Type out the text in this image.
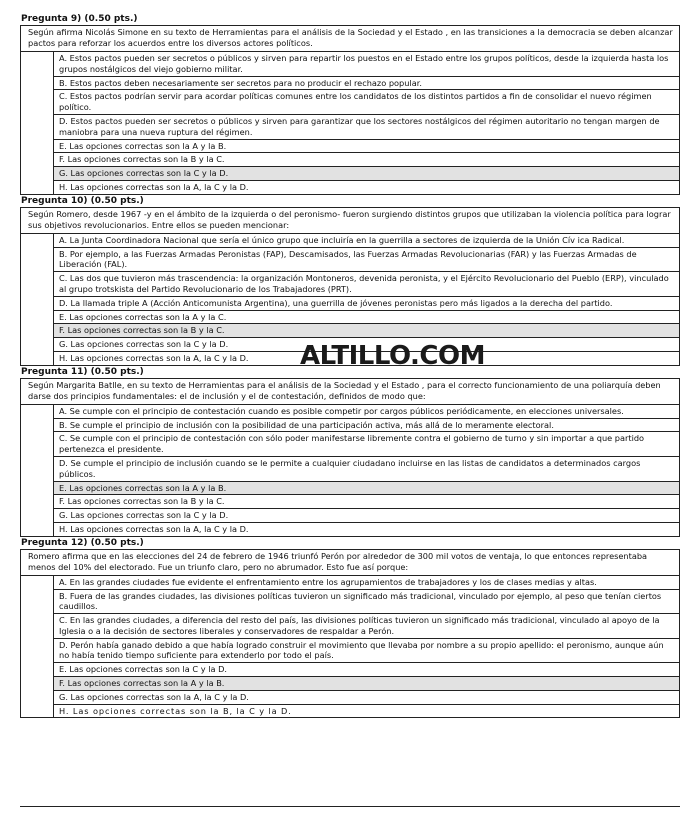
Pregunta 9) (0.50 pts.)
Según afirma Nicolás Simone en su texto de Herramientas para el análisis de la Sociedad y el Estado , en las transiciones a la democracia se deben alcanzar pactos para reforzar los acuerdos entre los diversos actores políticos.
A. Estos pactos pueden ser secretos o públicos y sirven para repartir los puestos en el Estado entre los grupos políticos, desde la izquierda hasta los grupos nostálgicos del viejo gobierno militar.
B. Estos pactos deben necesariamente ser secretos para no producir el rechazo popular.
C. Estos pactos podrían servir para acordar políticas comunes entre los candidatos de los distintos partidos a fin de consolidar el nuevo régimen político.
D. Estos pactos pueden ser secretos o públicos y sirven para garantizar que los sectores nostálgicos del régimen autoritario no tengan margen de maniobra para una nueva ruptura del régimen.
E. Las opciones correctas son la A y la B.
F. Las opciones correctas son la B y la C.
G. Las opciones correctas son la C y la D.
H. Las opciones correctas son la A, la C y la D.
Pregunta 10) (0.50 pts.)
Según Romero, desde 1967 -y en el ámbito de la izquierda o del peronismo- fueron surgiendo distintos grupos que utilizaban la violencia política para lograr sus objetivos revolucionarios. Entre ellos se pueden mencionar:
A. La Junta Coordinadora Nacional que sería el único grupo que incluiría en la guerrilla a sectores de izquierda de la Unión Cív ica Radical.
B. Por ejemplo, a las Fuerzas Armadas Peronistas (FAP), Descamisados, las Fuerzas Armadas Revolucionarias (FAR) y las Fuerzas Armadas de Liberación (FAL).
C. Las dos que tuvieron más trascendencia: la organización Montoneros, devenida peronista, y el Ejército Revolucionario del Pueblo (ERP), vinculado al grupo trotskista del Partido Revolucionario de los Trabajadores (PRT).
D. La llamada triple A (Acción Anticomunista Argentina), una guerrilla de jóvenes peronistas pero más ligados a la derecha del partido.
E. Las opciones correctas son la A y la C.
F. Las opciones correctas son la B y la C.
G. Las opciones correctas son la C y la D.
H. Las opciones correctas son la A, la C y la D.
Pregunta 11) (0.50 pts.)
Según Margarita Batlle, en su texto de Herramientas para el análisis de la Sociedad y el Estado , para el correcto funcionamiento de una poliarquía deben darse dos principios fundamentales: el de inclusión y el de contestación, definidos de modo que:
A. Se cumple con el principio de contestación cuando es posible competir por cargos públicos periódicamente, en elecciones universales.
B. Se cumple el principio de inclusión con la posibilidad de una participación activa, más allá de lo meramente electoral.
C. Se cumple con el principio de contestación con sólo poder manifestarse libremente contra el gobierno de turno y sin importar a que partido pertenezca el presidente.
D. Se cumple el principio de inclusión cuando se le permite a cualquier ciudadano incluirse en las listas de candidatos a determinados cargos públicos.
E. Las opciones correctas son la A y la B.
F. Las opciones correctas son la B y la C.
G. Las opciones correctas son la C y la D.
H. Las opciones correctas son la A, la C y la D.
Pregunta 12) (0.50 pts.)
Romero afirma que en las elecciones del 24 de febrero de 1946 triunfó Perón por alrededor de 300 mil votos de ventaja, lo que entonces representaba menos del 10% del electorado. Fue un triunfo claro, pero no abrumador. Esto fue así porque:
A. En las grandes ciudades fue evidente el enfrentamiento entre los agrupamientos de trabajadores y los de clases medias y altas.
B. Fuera de las grandes ciudades, las divisiones políticas tuvieron un significado más tradicional, vinculado por ejemplo, al peso que tenían ciertos caudillos.
C. En las grandes ciudades, a diferencia del resto del país, las divisiones políticas tuvieron un significado más tradicional, vinculado al apoyo de la Iglesia o a la decisión de sectores liberales y conservadores de respaldar a Perón.
D. Perón había ganado debido a que había logrado construir el movimiento que llevaba por nombre a su propio apellido: el peronismo, aunque aún no había tenido tiempo suficiente para extenderlo por todo el país.
E. Las opciones correctas son la C y la D.
F. Las opciones correctas son la A y la B.
G. Las opciones correctas son la A, la C y la D.
H. Las opciones correctas son la B, la C y la D.
ALTILLO.COM
